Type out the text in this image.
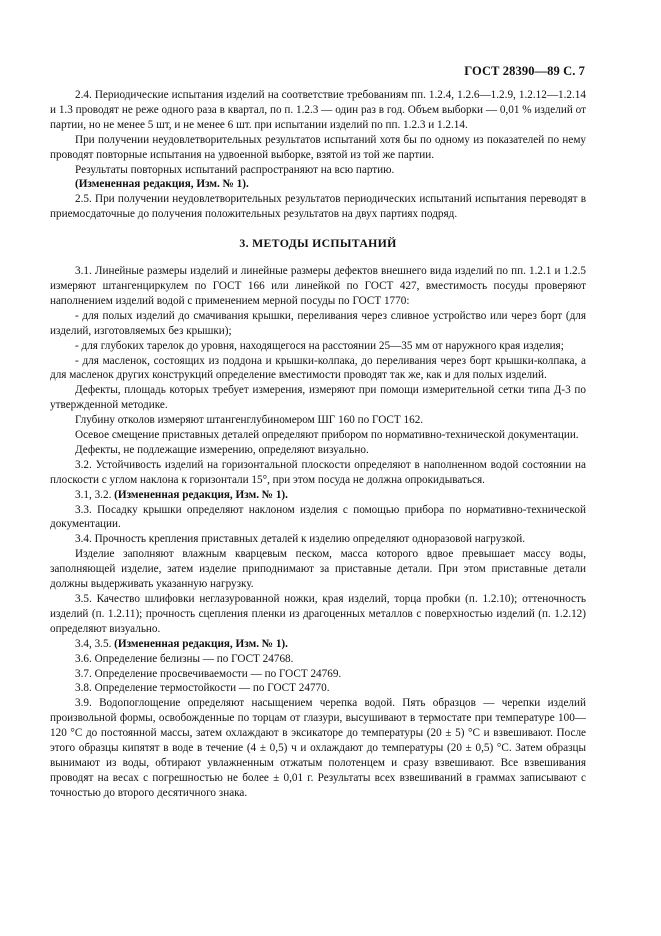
ГОСТ 28390—89 С. 7

2.4. Периодические испытания изделий на соответствие требованиям пп. 1.2.4, 1.2.6—1.2.9, 1.2.12—1.2.14 и 1.3 проводят не реже одного раза в квартал, по п. 1.2.3 — один раз в год. Объем выборки — 0,01 % изделий от партии, но не менее 5 шт, и не менее 6 шт. при испытании изделий по пп. 1.2.3 и 1.2.14.

При получении неудовлетворительных результатов испытаний хотя бы по одному из показателей по нему проводят повторные испытания на удвоенной выборке, взятой из той же партии.

Результаты повторных испытаний распространяют на всю партию.

(Измененная редакция, Изм. № 1).

2.5. При получении неудовлетворительных результатов периодических испытаний испытания переводят в приемосдаточные до получения положительных результатов на двух партиях подряд.

3. МЕТОДЫ ИСПЫТАНИЙ

3.1. Линейные размеры изделий и линейные размеры дефектов внешнего вида изделий по пп. 1.2.1 и 1.2.5 измеряют штангенциркулем по ГОСТ 166 или линейкой по ГОСТ 427, вместимость посуды проверяют наполнением изделий водой с применением мерной посуды по ГОСТ 1770:

- для полых изделий до смачивания крышки, переливания через сливное устройство или через борт (для изделий, изготовляемых без крышки);

- для глубоких тарелок до уровня, находящегося на расстоянии 25—35 мм от наружного края изделия;

- для масленок, состоящих из поддона и крышки-колпака, до переливания через борт крышки-колпака, а для масленок других конструкций определение вместимости проводят так же, как и для полых изделий.

Дефекты, площадь которых требует измерения, измеряют при помощи измерительной сетки типа Д-3 по утвержденной методике.

Глубину отколов измеряют штангенглубиномером ШГ 160 по ГОСТ 162.

Осевое смещение приставных деталей определяют прибором по нормативно-технической документации.

Дефекты, не подлежащие измерению, определяют визуально.

3.2. Устойчивость изделий на горизонтальной плоскости определяют в наполненном водой состоянии на плоскости с углом наклона к горизонтали 15°, при этом посуда не должна опрокидываться.

3.1, 3.2. (Измененная редакция, Изм. № 1).

3.3. Посадку крышки определяют наклоном изделия с помощью прибора по нормативно-технической документации.

3.4. Прочность крепления приставных деталей к изделию определяют одноразовой нагрузкой.

Изделие заполняют влажным кварцевым песком, масса которого вдвое превышает массу воды, заполняющей изделие, затем изделие приподнимают за приставные детали. При этом приставные детали должны выдерживать указанную нагрузку.

3.5. Качество шлифовки неглазурованной ножки, края изделий, торца пробки (п. 1.2.10); оттеночность изделий (п. 1.2.11); прочность сцепления пленки из драгоценных металлов с поверхностью изделий (п. 1.2.12) определяют визуально.

3.4, 3.5. (Измененная редакция, Изм. № 1).

3.6. Определение белизны — по ГОСТ 24768.

3.7. Определение просвечиваемости — по ГОСТ 24769.

3.8. Определение термостойкости — по ГОСТ 24770.

3.9. Водопоглощение определяют насыщением черепка водой. Пять образцов — черепки изделий произвольной формы, освобожденные по торцам от глазури, высушивают в термостате при температуре 100—120 °С до постоянной массы, затем охлаждают в эксикаторе до температуры (20 ± 5) °С и взвешивают. После этого образцы кипятят в воде в течение (4 ± 0,5) ч и охлаждают до температуры (20 ± 0,5) °С. Затем образцы вынимают из воды, обтирают увлажненным отжатым полотенцем и сразу взвешивают. Все взвешивания проводят на весах с погрешностью не более ± 0,01 г. Результаты всех взвешиваний в граммах записывают с точностью до второго десятичного знака.
